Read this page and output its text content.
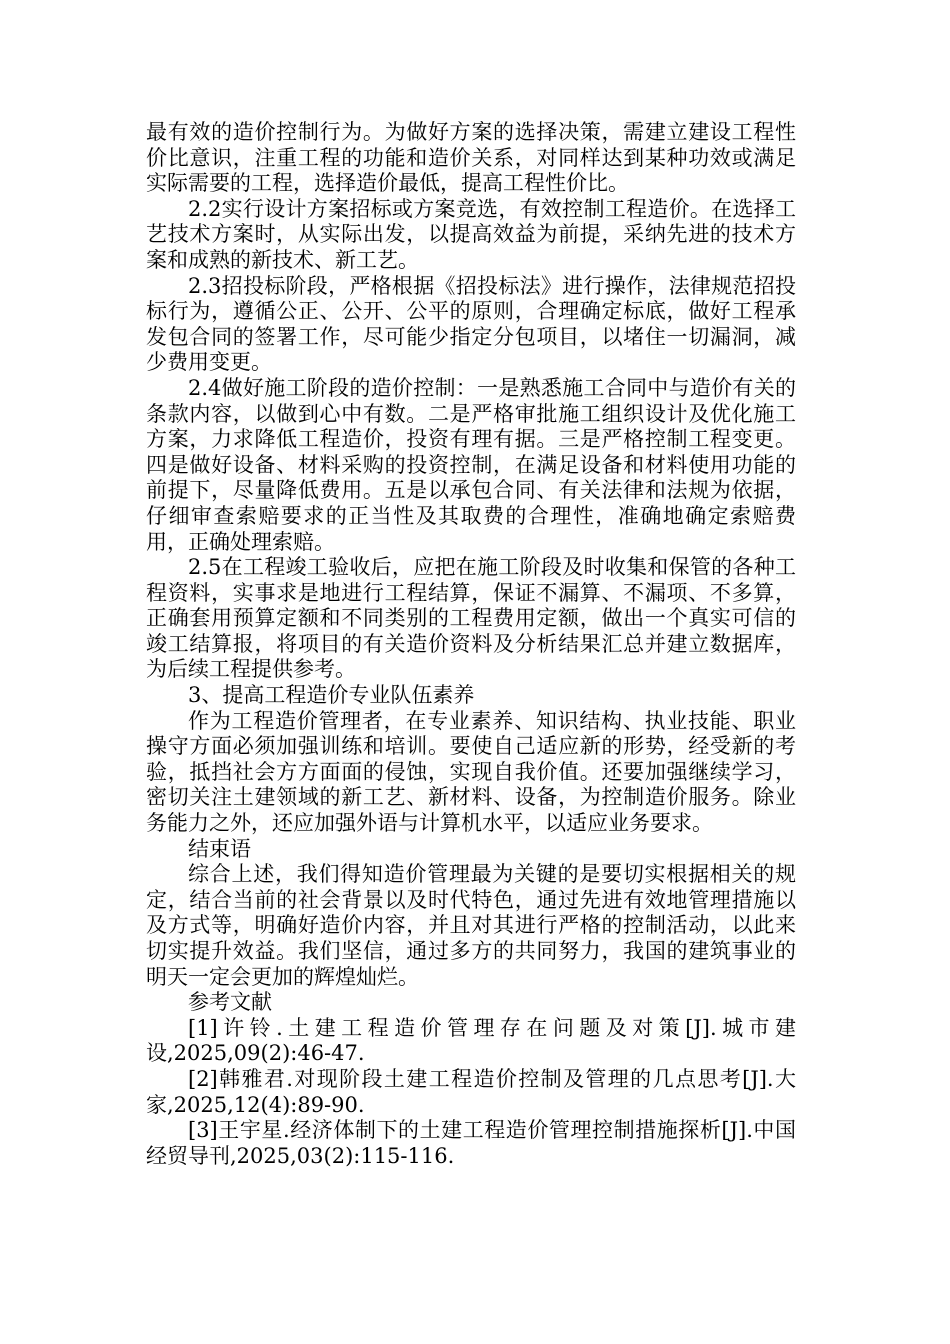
最有效的造价控制行为。为做好方案的选择决策，需建立建设工程性价比意识，注重工程的功能和造价关系，对同样达到某种功效或满足实际需要的工程，选择造价最低，提高工程性价比。

2.2实行设计方案招标或方案竞选，有效控制工程造价。在选择工艺技术方案时，从实际出发，以提高效益为前提，采纳先进的技术方案和成熟的新技术、新工艺。

2.3招投标阶段，严格根据《招投标法》进行操作，法律规范招投标行为，遵循公正、公开、公平的原则，合理确定标底，做好工程承发包合同的签署工作，尽可能少指定分包项目，以堵住一切漏洞，减少费用变更。

2.4做好施工阶段的造价控制：一是熟悉施工合同中与造价有关的条款内容，以做到心中有数。二是严格审批施工组织设计及优化施工方案，力求降低工程造价，投资有理有据。三是严格控制工程变更。四是做好设备、材料采购的投资控制，在满足设备和材料使用功能的前提下，尽量降低费用。五是以承包合同、有关法律和法规为依据，仔细审查索赔要求的正当性及其取费的合理性，准确地确定索赔费用，正确处理索赔。

2.5在工程竣工验收后，应把在施工阶段及时收集和保管的各种工程资料，实事求是地进行工程结算，保证不漏算、不漏项、不多算，正确套用预算定额和不同类别的工程费用定额，做出一个真实可信的竣工结算报，将项目的有关造价资料及分析结果汇总并建立数据库，为后续工程提供参考。

3、提高工程造价专业队伍素养

作为工程造价管理者，在专业素养、知识结构、执业技能、职业操守方面必须加强训练和培训。要使自己适应新的形势，经受新的考验，抵挡社会方方面面的侵蚀，实现自我价值。还要加强继续学习，密切关注土建领域的新工艺、新材料、设备，为控制造价服务。除业务能力之外，还应加强外语与计算机水平，以适应业务要求。

结束语

综合上述，我们得知造价管理最为关键的是要切实根据相关的规定，结合当前的社会背景以及时代特色，通过先进有效地管理措施以及方式等，明确好造价内容，并且对其进行严格的控制活动，以此来切实提升效益。我们坚信，通过多方的共同努力，我国的建筑事业的明天一定会更加的辉煌灿烂。

参考文献

[1]许铃.土建工程造价管理存在问题及对策[J].城市建设,2025,09(2):46-47.

[2]韩雅君.对现阶段土建工程造价控制及管理的几点思考[J].大家,2025,12(4):89-90.

[3]王宇星.经济体制下的土建工程造价管理控制措施探析[J].中国经贸导刊,2025,03(2):115-116.
